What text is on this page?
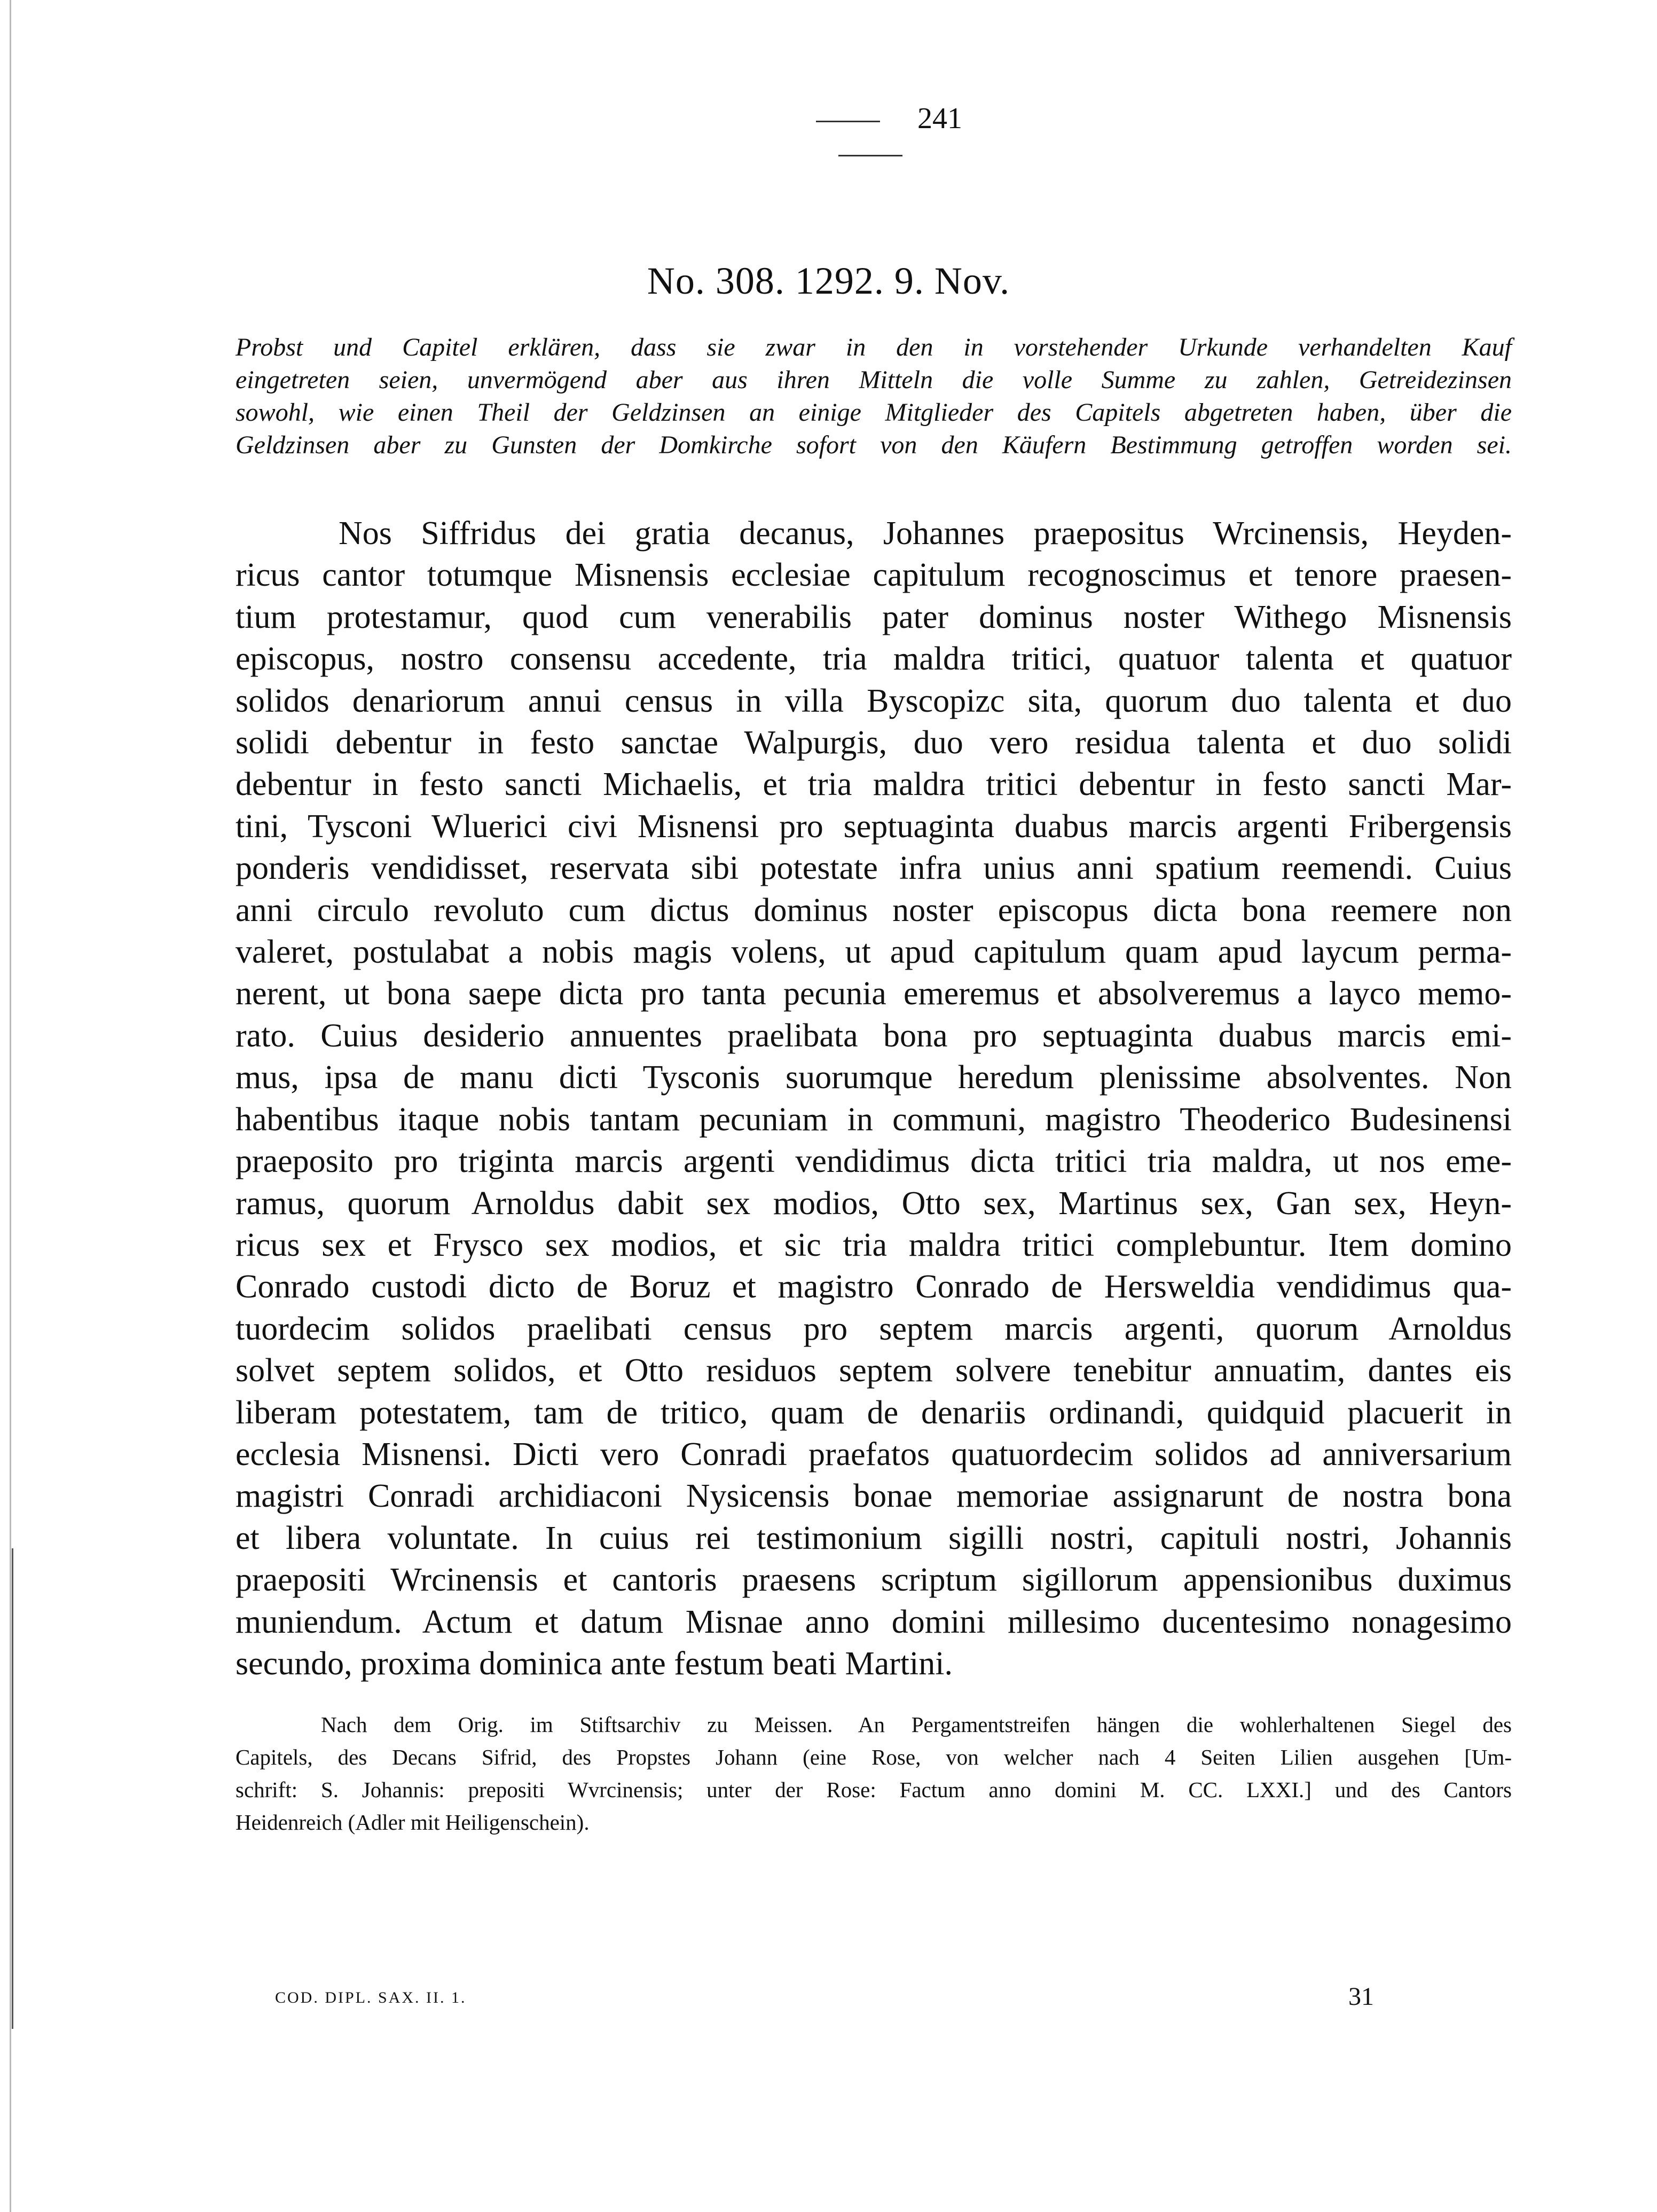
241
No. 308. 1292. 9. Nov.
Probst und Capitel erklären, dass sie zwar in den in vorstehender Urkunde verhandelten Kauf
eingetreten seien, unvermögend aber aus ihren Mitteln die volle Summe zu zahlen, Getreidezinsen
sowohl, wie einen Theil der Geldzinsen an einige Mitglieder des Capitels abgetreten haben, über die
Geldzinsen aber zu Gunsten der Domkirche sofort von den Käufern Bestimmung getroffen worden sei.
Nos Siffridus dei gratia decanus, Johannes praepositus Wrcinensis, Heyden-
ricus cantor totumque Misnensis ecclesiae capitulum recognoscimus et tenore praesen-
tium protestamur, quod cum venerabilis pater dominus noster Withego Misnensis
episcopus, nostro consensu accedente, tria maldra tritici, quatuor talenta et quatuor
solidos denariorum annui census in villa Byscopizc sita, quorum duo talenta et duo
solidi debentur in festo sanctae Walpurgis, duo vero residua talenta et duo solidi
debentur in festo sancti Michaelis, et tria maldra tritici debentur in festo sancti Mar-
tini, Tysconi Wluerici civi Misnensi pro septuaginta duabus marcis argenti Fribergensis
ponderis vendidisset, reservata sibi potestate infra unius anni spatium reemendi. Cuius
anni circulo revoluto cum dictus dominus noster episcopus dicta bona reemere non
valeret, postulabat a nobis magis volens, ut apud capitulum quam apud laycum perma-
nerent, ut bona saepe dicta pro tanta pecunia emeremus et absolveremus a layco memo-
rato. Cuius desiderio annuentes praelibata bona pro septuaginta duabus marcis emi-
mus, ipsa de manu dicti Tysconis suorumque heredum plenissime absolventes. Non
habentibus itaque nobis tantam pecuniam in communi, magistro Theoderico Budesinensi
praeposito pro triginta marcis argenti vendidimus dicta tritici tria maldra, ut nos eme-
ramus, quorum Arnoldus dabit sex modios, Otto sex, Martinus sex, Gan sex, Heyn-
ricus sex et Frysco sex modios, et sic tria maldra tritici complebuntur. Item domino
Conrado custodi dicto de Boruz et magistro Conrado de Hersweldia vendidimus qua-
tuordecim solidos praelibati census pro septem marcis argenti, quorum Arnoldus
solvet septem solidos, et Otto residuos septem solvere tenebitur annuatim, dantes eis
liberam potestatem, tam de tritico, quam de denariis ordinandi, quidquid placuerit in
ecclesia Misnensi. Dicti vero Conradi praefatos quatuordecim solidos ad anniversarium
magistri Conradi archidiaconi Nysicensis bonae memoriae assignarunt de nostra bona
et libera voluntate. In cuius rei testimonium sigilli nostri, capituli nostri, Johannis
praepositi Wrcinensis et cantoris praesens scriptum sigillorum appensionibus duximus
muniendum. Actum et datum Misnae anno domini millesimo ducentesimo nonagesimo
secundo, proxima dominica ante festum beati Martini.
Nach dem Orig. im Stiftsarchiv zu Meissen. An Pergamentstreifen hängen die wohlerhaltenen Siegel des
Capitels, des Decans Sifrid, des Propstes Johann (eine Rose, von welcher nach 4 Seiten Lilien ausgehen [Um-
schrift: S. Johannis: prepositi Wvrcinensis; unter der Rose: Factum anno domini M. CC. LXXI.] und des Cantors
Heidenreich (Adler mit Heiligenschein).
COD. DIPL. SAX. II. 1.	31
